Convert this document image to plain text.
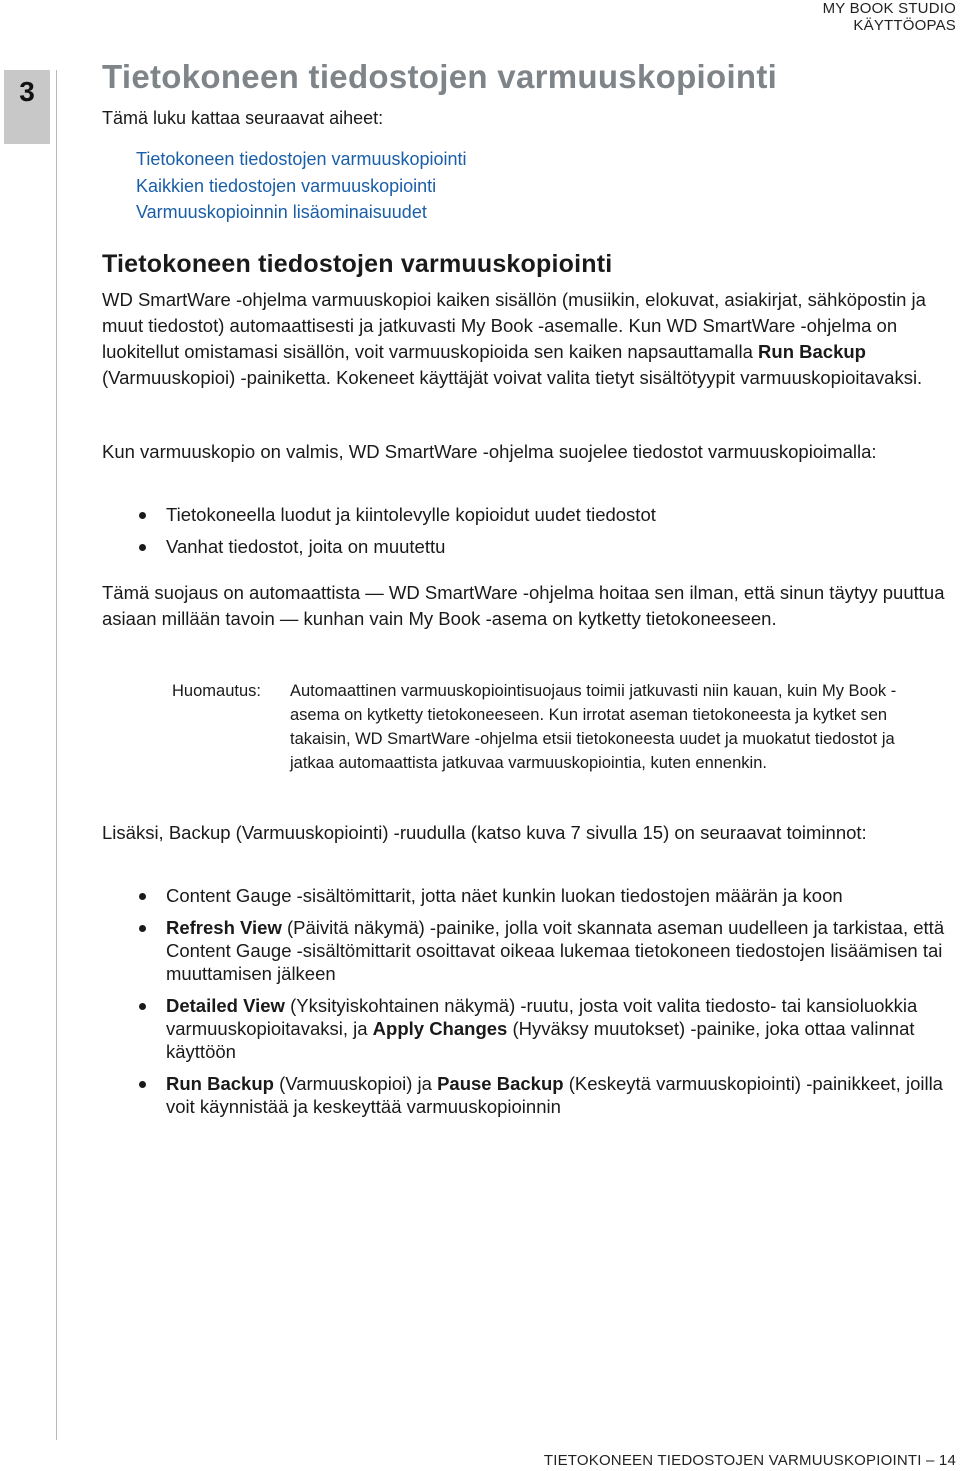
MY BOOK STUDIO
KÄYTTÖOPAS
3 Tietokoneen tiedostojen varmuuskopiointi
Tämä luku kattaa seuraavat aiheet:
Tietokoneen tiedostojen varmuuskopiointi
Kaikkien tiedostojen varmuuskopiointi
Varmuuskopioinnin lisäominaisuudet
Tietokoneen tiedostojen varmuuskopiointi

WD SmartWare -ohjelma varmuuskopioi kaiken sisällön (musiikin, elokuvat, asiakirjat, sähköpostin ja muut tiedostot) automaattisesti ja jatkuvasti My Book -asemalle. Kun WD SmartWare -ohjelma on luokitellut omistamasi sisällön, voit varmuuskopioida sen kaiken napsauttamalla Run Backup (Varmuuskopioi) -painiketta. Kokeneet käyttäjät voivat valita tietyt sisältötyypit varmuuskopioitavaksi.

Kun varmuuskopio on valmis, WD SmartWare -ohjelma suojelee tiedostot varmuuskopioimalla:

Tietokoneella luodut ja kiintolevylle kopioidut uudet tiedostot
Vanhat tiedostot, joita on muutettu

Tämä suojaus on automaattista — WD SmartWare -ohjelma hoitaa sen ilman, että sinun täytyy puuttua asiaan millään tavoin — kunhan vain My Book -asema on kytketty tietokoneeseen.

Huomautus: Automaattinen varmuuskopiointisuojaus toimii jatkuvasti niin kauan, kuin My Book -asema on kytketty tietokoneeseen. Kun irrotat aseman tietokoneesta ja kytket sen takaisin, WD SmartWare -ohjelma etsii tietokoneesta uudet ja muokatut tiedostot ja jatkaa automaattista jatkuvaa varmuuskopiointia, kuten ennenkin.

Lisäksi, Backup (Varmuuskopiointi) -ruudulla (katso kuva 7 sivulla 15) on seuraavat toiminnot:

Content Gauge -sisältömittarit, jotta näet kunkin luokan tiedostojen määrän ja koon
Refresh View (Päivitä näkymä) -painike, jolla voit skannata aseman uudelleen ja tarkistaa, että Content Gauge -sisältömittarit osoittavat oikeaa lukemaa tietokoneen tiedostojen lisäämisen tai muuttamisen jälkeen
Detailed View (Yksityiskohtainen näkymä) -ruutu, josta voit valita tiedosto- tai kansioluokkia varmuuskopioitavaksi, ja Apply Changes (Hyväksy muutokset) -painike, joka ottaa valinnat käyttöön
Run Backup (Varmuuskopioi) ja Pause Backup (Keskeytä varmuuskopiointi) -painikkeet, joilla voit käynnistää ja keskeyttää varmuuskopioinnin
TIETOKONEEN TIEDOSTOJEN VARMUUSKOPIOINTI – 14
